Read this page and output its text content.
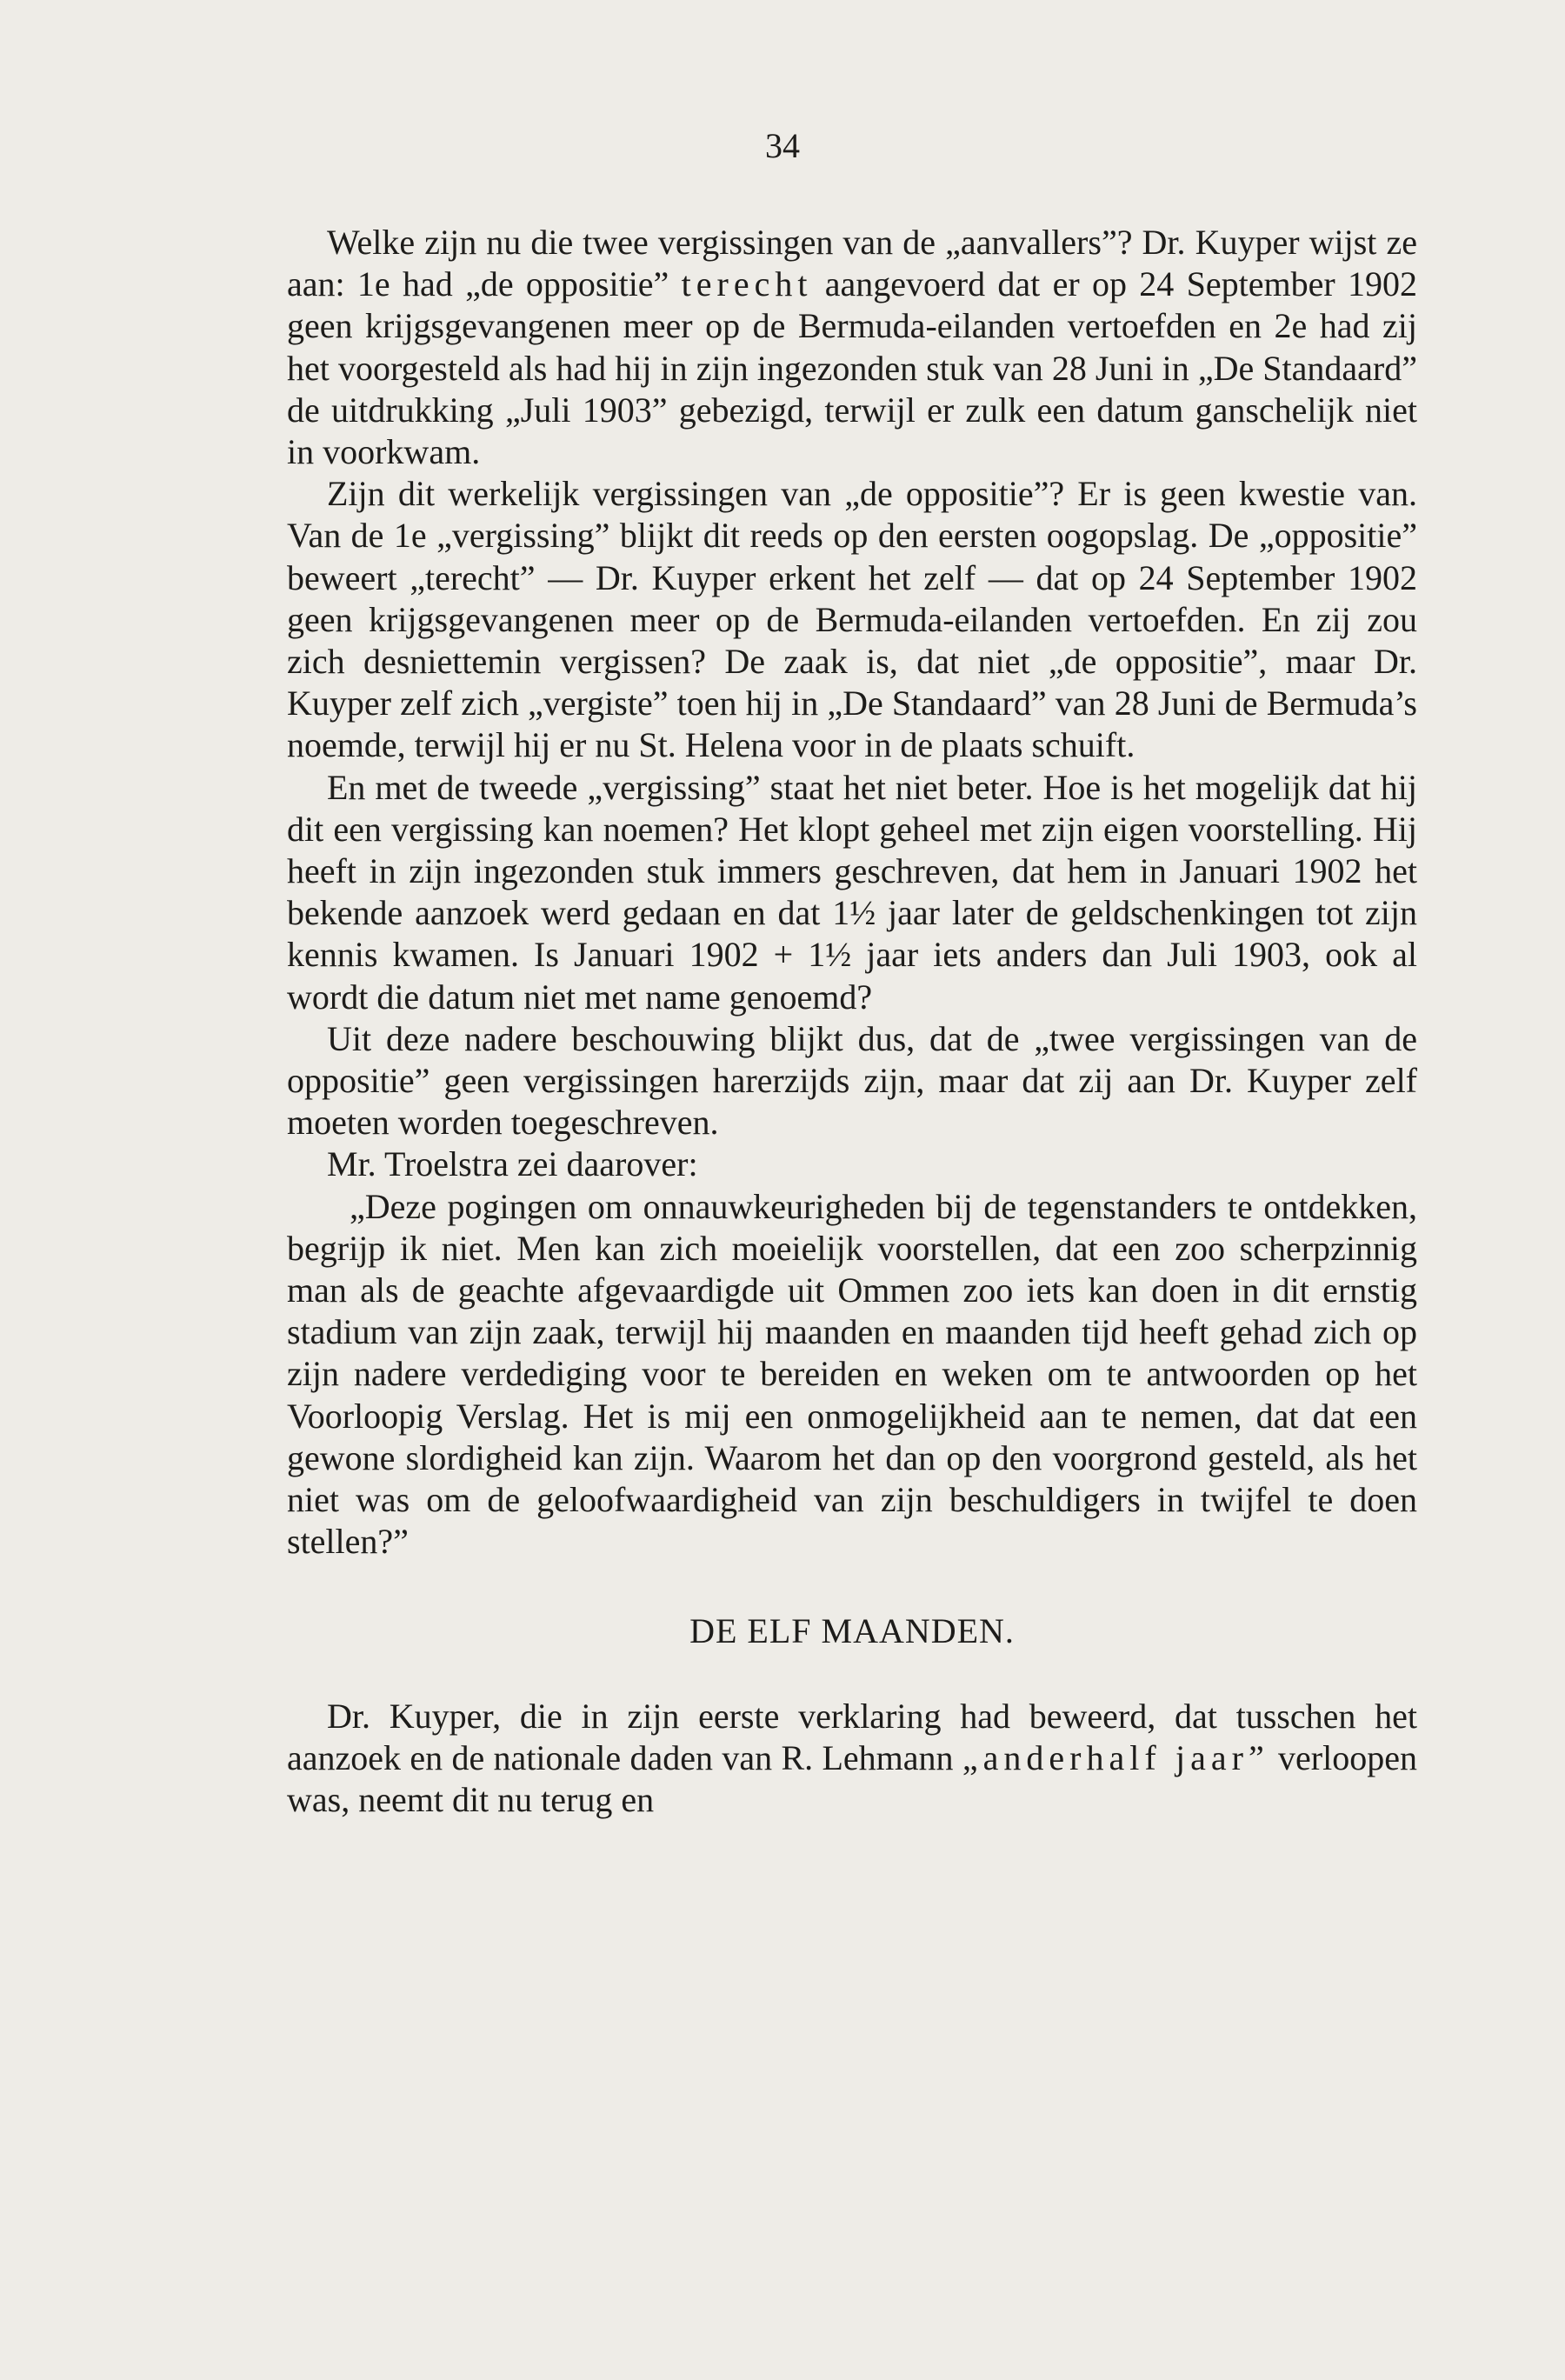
34

Welke zijn nu die twee vergissingen van de „aanvallers”? Dr. Kuyper wijst ze aan: 1e had „de oppositie” terecht aangevoerd dat er op 24 September 1902 geen krijgsgevangenen meer op de Bermuda-eilanden vertoefden en 2e had zij het voorgesteld als had hij in zijn ingezonden stuk van 28 Juni in „De Standaard” de uitdrukking „Juli 1903” gebezigd, terwijl er zulk een datum ganschelijk niet in voorkwam.

Zijn dit werkelijk vergissingen van „de oppositie”? Er is geen kwestie van. Van de 1e „vergissing” blijkt dit reeds op den eersten oogopslag. De „oppositie” beweert „terecht” — Dr. Kuyper erkent het zelf — dat op 24 September 1902 geen krijgsgevangenen meer op de Bermuda-eilanden vertoefden. En zij zou zich desniettemin vergissen? De zaak is, dat niet „de oppositie”, maar Dr. Kuyper zelf zich „vergiste” toen hij in „De Standaard” van 28 Juni de Bermuda’s noemde, terwijl hij er nu St. Helena voor in de plaats schuift.

En met de tweede „vergissing” staat het niet beter. Hoe is het mogelijk dat hij dit een vergissing kan noemen? Het klopt geheel met zijn eigen voorstelling. Hij heeft in zijn ingezonden stuk immers geschreven, dat hem in Januari 1902 het bekende aanzoek werd gedaan en dat 1½ jaar later de geldschenkingen tot zijn kennis kwamen. Is Januari 1902 + 1½ jaar iets anders dan Juli 1903, ook al wordt die datum niet met name genoemd?

Uit deze nadere beschouwing blijkt dus, dat de „twee vergissingen van de oppositie” geen vergissingen harerzijds zijn, maar dat zij aan Dr. Kuyper zelf moeten worden toegeschreven.

Mr. Troelstra zei daarover:

„Deze pogingen om onnauwkeurigheden bij de tegenstanders te ontdekken, begrijp ik niet. Men kan zich moeielijk voorstellen, dat een zoo scherpzinnig man als de geachte afgevaardigde uit Ommen zoo iets kan doen in dit ernstig stadium van zijn zaak, terwijl hij maanden en maanden tijd heeft gehad zich op zijn nadere verdediging voor te bereiden en weken om te antwoorden op het Voorloopig Verslag. Het is mij een onmogelijkheid aan te nemen, dat dat een gewone slordigheid kan zijn. Waarom het dan op den voorgrond gesteld, als het niet was om de geloofwaardigheid van zijn beschuldigers in twijfel te doen stellen?”

DE ELF MAANDEN.

Dr. Kuyper, die in zijn eerste verklaring had beweerd, dat tusschen het aanzoek en de nationale daden van R. Lehmann „anderhalf jaar” verloopen was, neemt dit nu terug en
